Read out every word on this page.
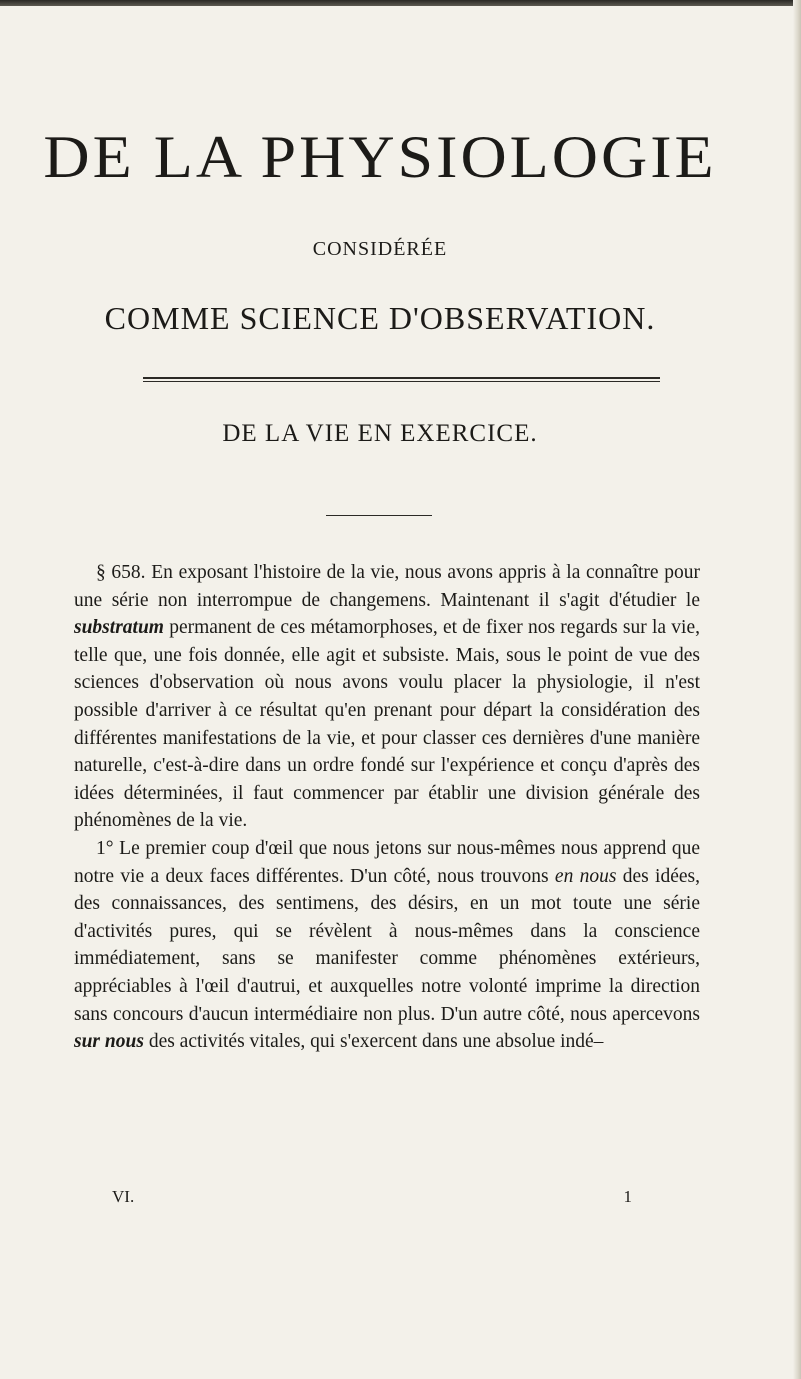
DE LA PHYSIOLOGIE
CONSIDÉRÉE
COMME SCIENCE D'OBSERVATION.
DE LA VIE EN EXERCICE.

§ 658. En exposant l'histoire de la vie, nous avons appris à la connaître pour une série non interrompue de changemens. Maintenant il s'agit d'étudier le substratum permanent de ces métamorphoses, et de fixer nos regards sur la vie, telle que, une fois donnée, elle agit et subsiste. Mais, sous le point de vue des sciences d'observation où nous avons voulu placer la physiologie, il n'est possible d'arriver à ce résultat qu'en prenant pour départ la considération des différentes manifestations de la vie, et pour classer ces dernières d'une manière naturelle, c'est-à-dire dans un ordre fondé sur l'expérience et conçu d'après des idées déterminées, il faut commencer par établir une division générale des phénomènes de la vie.

1° Le premier coup d'œil que nous jetons sur nous-mêmes nous apprend que notre vie a deux faces différentes. D'un côté, nous trouvons en nous des idées, des connaissances, des sentimens, des désirs, en un mot toute une série d'activités pures, qui se révèlent à nous-mêmes dans la conscience immédiatement, sans se manifester comme phénomènes extérieurs, appréciables à l'œil d'autrui, et auxquelles notre volonté imprime la direction sans concours d'aucun intermédiaire non plus. D'un autre côté, nous apercevons sur nous des activités vitales, qui s'exercent dans une absolue indé–

VI.	1
